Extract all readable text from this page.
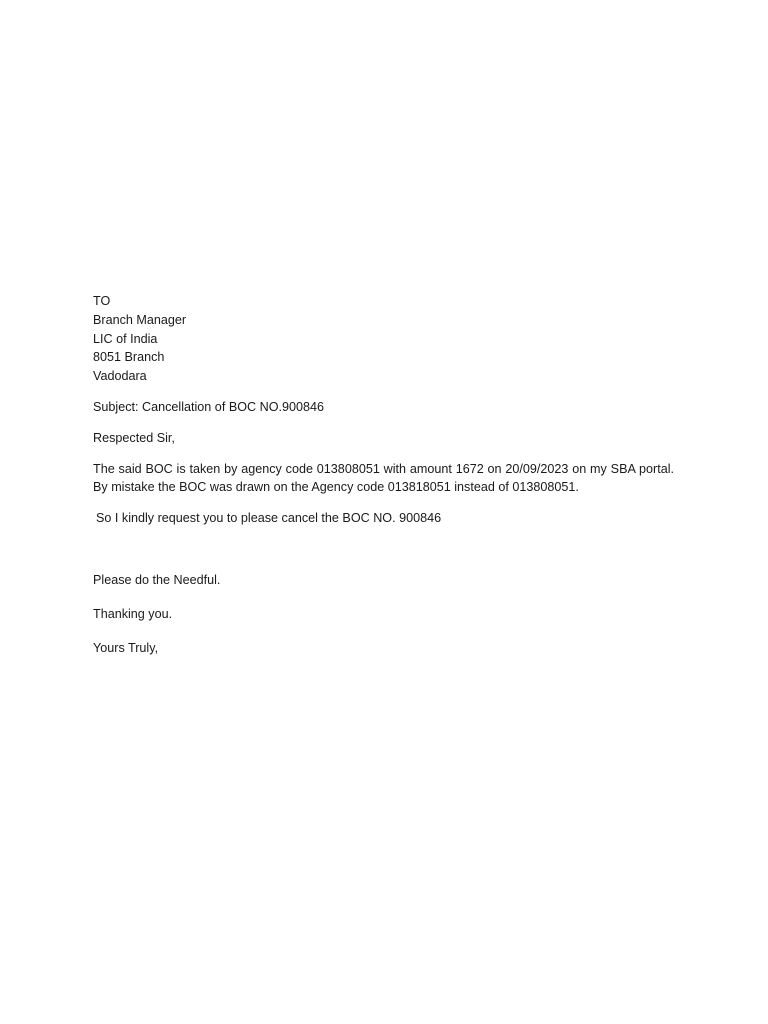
TO
Branch Manager
LIC of India
8051 Branch
Vadodara

Subject: Cancellation of BOC NO.900846

Respected Sir,

The said BOC is taken by agency code 013808051 with amount 1672 on 20/09/2023 on my SBA portal. By mistake the BOC was drawn on the Agency code 013818051 instead of 013808051.

So I kindly request you to please cancel the BOC NO. 900846

Please do the Needful.

Thanking you.

Yours Truly,
